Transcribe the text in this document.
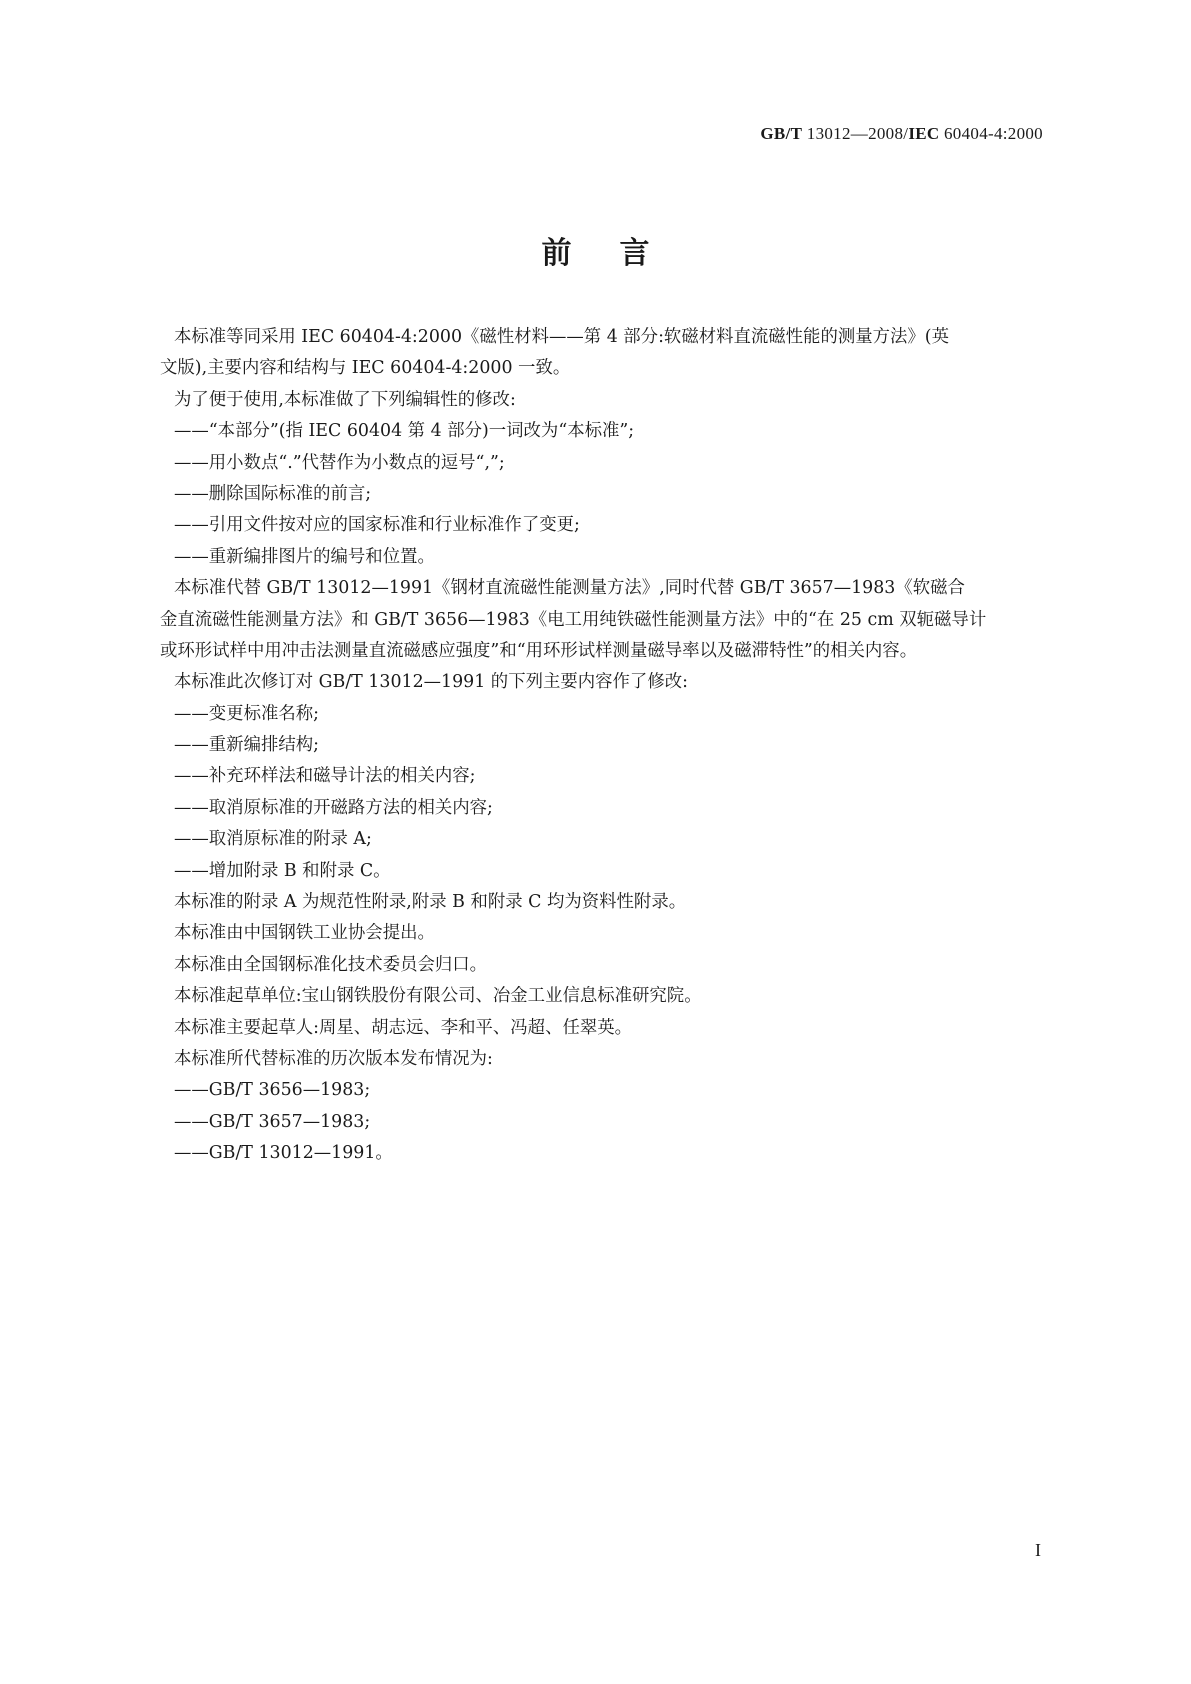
GB/T 13012—2008/IEC 60404-4:2000
前言
本标准等同采用 IEC 60404-4:2000《磁性材料——第 4 部分:软磁材料直流磁性能的测量方法》(英
文版),主要内容和结构与 IEC 60404-4:2000 一致。
为了便于使用,本标准做了下列编辑性的修改:
——“本部分”(指 IEC 60404 第 4 部分)一词改为“本标准”;
——用小数点“.”代替作为小数点的逗号“,”;
——删除国际标准的前言;
——引用文件按对应的国家标准和行业标准作了变更;
——重新编排图片的编号和位置。
本标准代替 GB/T 13012—1991《钢材直流磁性能测量方法》,同时代替 GB/T 3657—1983《软磁合
金直流磁性能测量方法》和 GB/T 3656—1983《电工用纯铁磁性能测量方法》中的“在 25 cm 双轭磁导计
或环形试样中用冲击法测量直流磁感应强度”和“用环形试样测量磁导率以及磁滞特性”的相关内容。
本标准此次修订对 GB/T 13012—1991 的下列主要内容作了修改:
——变更标准名称;
——重新编排结构;
——补充环样法和磁导计法的相关内容;
——取消原标准的开磁路方法的相关内容;
——取消原标准的附录 A;
——增加附录 B 和附录 C。
本标准的附录 A 为规范性附录,附录 B 和附录 C 均为资料性附录。
本标准由中国钢铁工业协会提出。
本标准由全国钢标准化技术委员会归口。
本标准起草单位:宝山钢铁股份有限公司、冶金工业信息标准研究院。
本标准主要起草人:周星、胡志远、李和平、冯超、任翠英。
本标准所代替标准的历次版本发布情况为:
——GB/T 3656—1983;
——GB/T 3657—1983;
——GB/T 13012—1991。
I
